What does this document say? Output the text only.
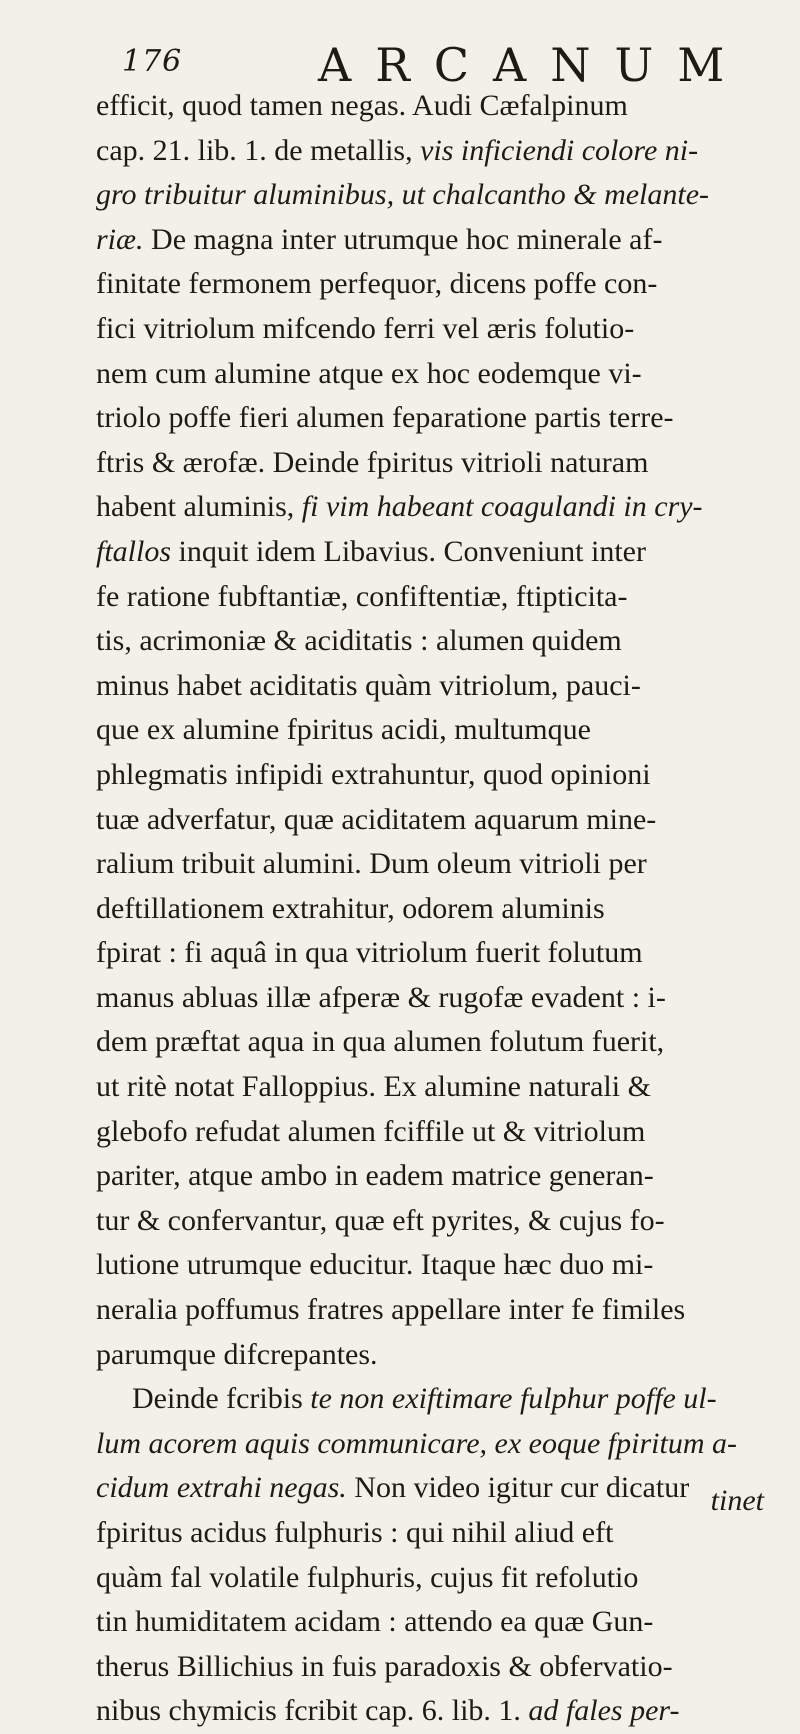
176	ARCANUM
efficit, quod tamen negas. Audi Cæfalpinum
cap. 21. lib. 1. de metallis, vis inficiendi colore ni-
gro tribuitur aluminibus, ut chalcantho & melante-
riæ. De magna inter utrumque hoc minerale af-
finitate fermonem perfequor, dicens poffe con-
fici vitriolum mifcendo ferri vel æris folutio-
nem cum alumine atque ex hoc eodemque vi-
triolo poffe fieri alumen feparatione partis terre-
ftris & ærofæ. Deinde fpiritus vitrioli naturam
habent aluminis, fi vim habeant coagulandi in cry-
ftallos inquit idem Libavius. Conveniunt inter
fe ratione fubftantiæ, confiftentiæ, ftipticita-
tis, acrimoniæ & aciditatis : alumen quidem
minus habet aciditatis quàm vitriolum, pauci-
que ex alumine fpiritus acidi, multumque
phlegmatis infipidi extrahuntur, quod opinioni
tuæ adverfatur, quæ aciditatem aquarum mine-
ralium tribuit alumini. Dum oleum vitrioli per
deftillationem extrahitur, odorem aluminis
fpirat : fi aquâ in qua vitriolum fuerit folutum
manus abluas illæ afperæ & rugofæ evadent : i-
dem præftat aqua in qua alumen folutum fuerit,
ut ritè notat Falloppius. Ex alumine naturali &
glebofo refudat alumen fciffile ut & vitriolum
pariter, atque ambo in eadem matrice generan-
tur & confervantur, quæ eft pyrites, & cujus fo-
lutione utrumque educitur. Itaque hæc duo mi-
neralia poffumus fratres appellare inter fe fimiles
parumque difcrepantes.
Deinde fcribis te non exiftimare fulphur poffe ul-
lum acorem aquis communicare, ex eoque fpiritum a-
cidum extrahi negas. Non video igitur cur dicatur
fpiritus acidus fulphuris : qui nihil aliud eft
quàm fal volatile fulphuris, cujus fit refolutio
tin humiditatem acidam : attendo ea quæ Gun-
therus Billichius in fuis paradoxis & obfervatio-
nibus chymicis fcribit cap. 6. lib. 1. ad fales per-
tinet
